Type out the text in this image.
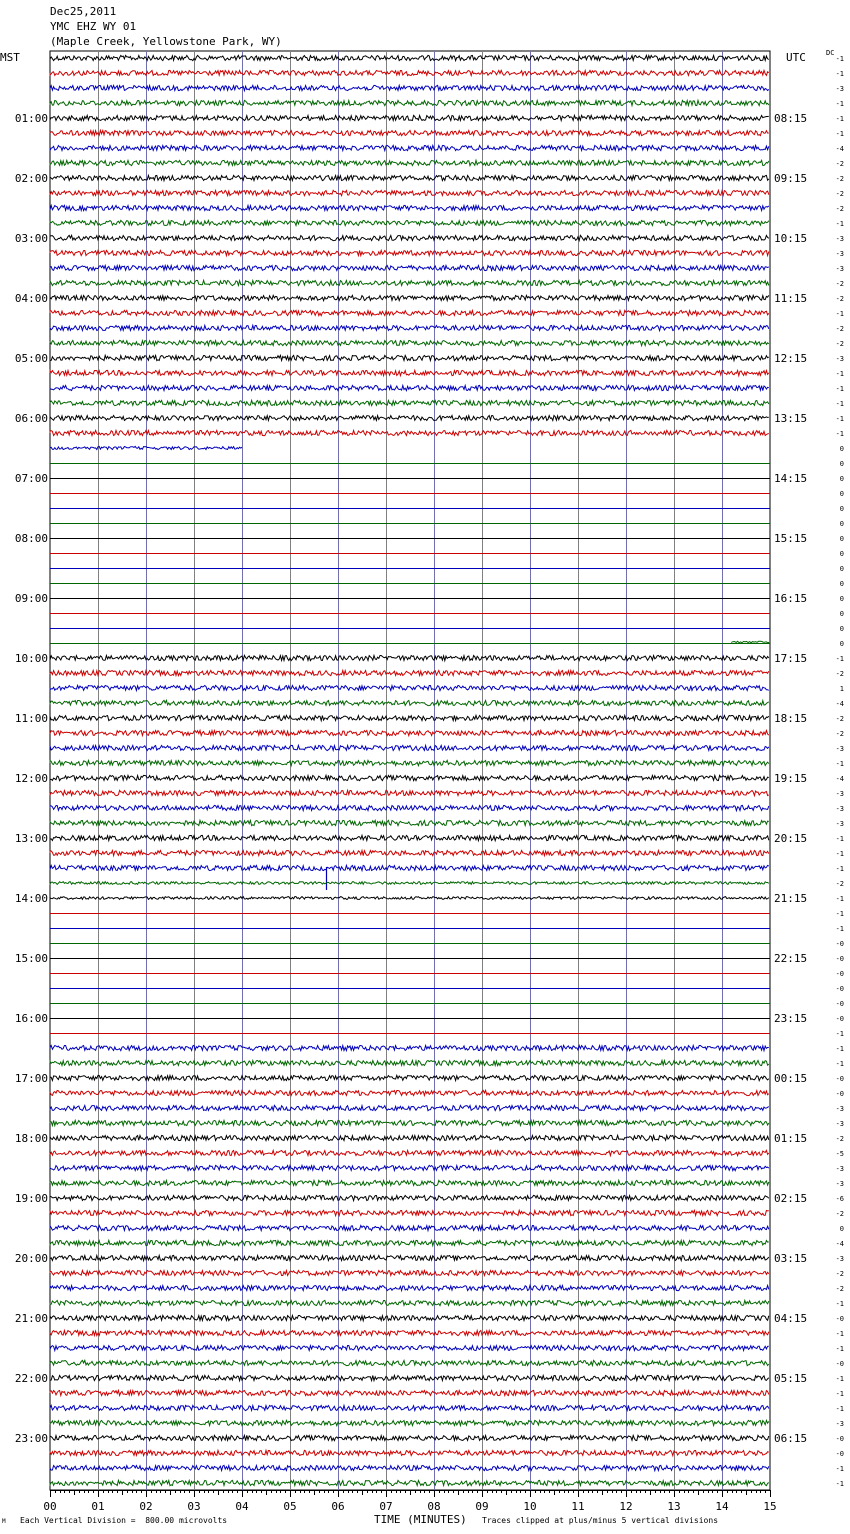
Dec25,2011
YMC EHZ WY 01
(Maple Creek, Yellowstone Park, WY)
MST	UTC	DC
01:00
02:00
03:00
04:00
05:00
06:00
07:00
08:00
09:00
10:00
11:00
12:00
13:00
14:00
15:00
16:00
17:00
18:00
19:00
20:00
21:00
22:00
23:00
08:15
09:15
10:15
11:15
12:15
13:15
14:15
15:15
16:15
17:15
18:15
19:15
20:15
21:15
22:15
23:15
00:15
01:15
02:15
03:15
04:15
05:15
06:15
-1
-1
-3
-1
-1
-1
-4
-2
-2
-2
-2
-1
-3
-3
-3
-2
-2
-1
-2
-2
-3
-1
-1
-1
-1
-1
0
0
0
0
0
0
0
0
0
0
0
0
0
0
-1
-2
1
-4
-2
-2
-3
-1
-4
-3
-3
-3
-1
-1
-1
-2
-1
-1
-1
-0
-0
-0
-0
-0
-0
-1
-1
-1
-0
-0
-3
-3
-2
-5
-3
-3
-6
-2
0
-4
-3
-2
-2
-1
-0
-1
-1
-0
-1
-1
-1
-3
-0
-0
-1
-1
00	01	02	03	04	05	06	07	08	09	10	11	12	13	14	15
M Each Vertical Division =  800.00 microvolts	TIME (MINUTES) Traces clipped at plus/minus 5 vertical divisions
